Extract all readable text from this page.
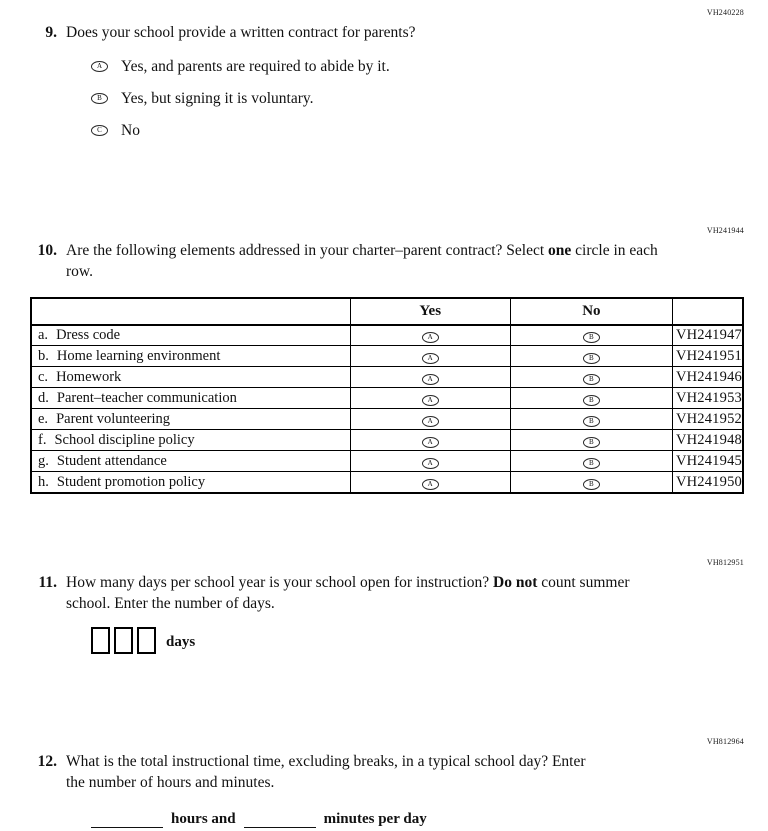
VH240228
9. Does your school provide a written contract for parents?
A	Yes, and parents are required to abide by it.
B	Yes, but signing it is voluntary.
C	No
VH241944
10. Are the following elements addressed in your charter–parent contract? Select one circle in each row.
	Yes	No	
a. Dress code	A	B	VH241947
b. Home learning environment	A	B	VH241951
c. Homework	A	B	VH241946
d. Parent–teacher communication	A	B	VH241953
e. Parent volunteering	A	B	VH241952
f. School discipline policy	A	B	VH241948
g. Student attendance	A	B	VH241945
h. Student promotion policy	A	B	VH241950
VH812951
11. How many days per school year is your school open for instruction? Do not count summer school. Enter the number of days.
days
VH812964
12. What is the total instructional time, excluding breaks, in a typical school day? Enter the number of hours and minutes.
hours and	minutes per day
